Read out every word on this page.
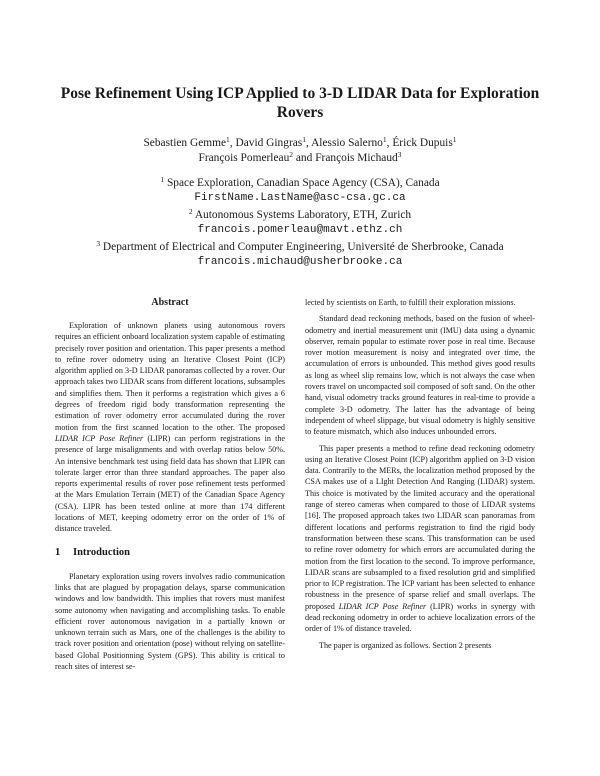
Pose Refinement Using ICP Applied to 3-D LIDAR Data for Exploration Rovers
Sebastien Gemme$^1$, David Gingras$^1$, Alessio Salerno$^1$, Érick Dupuis$^1$
François Pomerleau$^2$ and François Michaud$^3$
$^1$ Space Exploration, Canadian Space Agency (CSA), Canada
FirstName.LastName@asc-csa.gc.ca
$^2$ Autonomous Systems Laboratory, ETH, Zurich
francois.pomerleau@mavt.ethz.ch
$^3$ Department of Electrical and Computer Engineering, Université de Sherbrooke, Canada
francois.michaud@usherbrooke.ca
Abstract

Exploration of unknown planets using autonomous rovers requires an efficient onboard localization system capable of estimating precisely rover position and orientation. This paper presents a method to refine rover odometry using an Iterative Closest Point (ICP) algorithm applied on 3-D LIDAR panoramas collected by a rover. Our approach takes two LIDAR scans from different locations, subsamples and simplifies them. Then it performs a registration which gives a 6 degrees of freedom rigid body transformation representing the estimation of rover odometry error accumulated during the rover motion from the first scanned location to the other. The proposed LIDAR ICP Pose Refiner (LIPR) can perform registrations in the presence of large misalignments and with overlap ratios below 50%. An intensive benchmark test using field data has shown that LIPR can tolerate larger error than three standard approaches. The paper also reports experimental results of rover pose refinement tests performed at the Mars Emulation Terrain (MET) of the Canadian Space Agency (CSA). LIPR has been tested online at more than 174 different locations of MET, keeping odometry error on the order of 1% of distance traveled.

1 Introduction

Planetary exploration using rovers involves radio communication links that are plagued by propagation delays, sparse communication windows and low bandwidth. This implies that rovers must manifest some autonomy when navigating and accomplishing tasks. To enable efficient rover autonomous navigation in a partially known or unknown terrain such as Mars, one of the challenges is the ability to track rover position and orientation (pose) without relying on satellite-based Global Positionning System (GPS). This ability is critical to reach sites of interest se-

lected by scientists on Earth, to fulfill their exploration missions.

Standard dead reckoning methods, based on the fusion of wheel-odometry and inertial measurement unit (IMU) data using a dynamic observer, remain popular to estimate rover pose in real time. Because rover motion measurement is noisy and integrated over time, the accumulation of errors is unbounded. This method gives good results as long as wheel slip remains low, which is not always the case when rovers travel on uncompacted soil composed of soft sand. On the other hand, visual odometry tracks ground features in real-time to provide a complete 3-D odometry. The latter has the advantage of being independent of wheel slippage, but visual odometry is highly sensitive to feature mismatch, which also induces unbounded errors.

This paper presents a method to refine dead reckoning odometry using an Iterative Closest Point (ICP) algorithm applied on 3-D vision data. Contrarily to the MERs, the localization method proposed by the CSA makes use of a LIght Detection And Ranging (LIDAR) system. This choice is motivated by the limited accuracy and the operational range of stereo cameras when compared to those of LIDAR systems [16]. The proposed approach takes two LIDAR scan panoramas from different locations and performs registration to find the rigid body transformation between these scans. This transformation can be used to refine rover odometry for which errors are accumulated during the motion from the first location to the second. To improve performance, LIDAR scans are subsampled to a fixed resolution grid and simplified prior to ICP registration. The ICP variant has been selected to enhance robustness in the presence of sparse relief and small overlaps. The proposed LIDAR ICP Pose Refiner (LIPR) works in synergy with dead reckoning odometry in order to achieve localization errors of the order of 1% of distance traveled.

The paper is organized as follows. Section 2 presents
